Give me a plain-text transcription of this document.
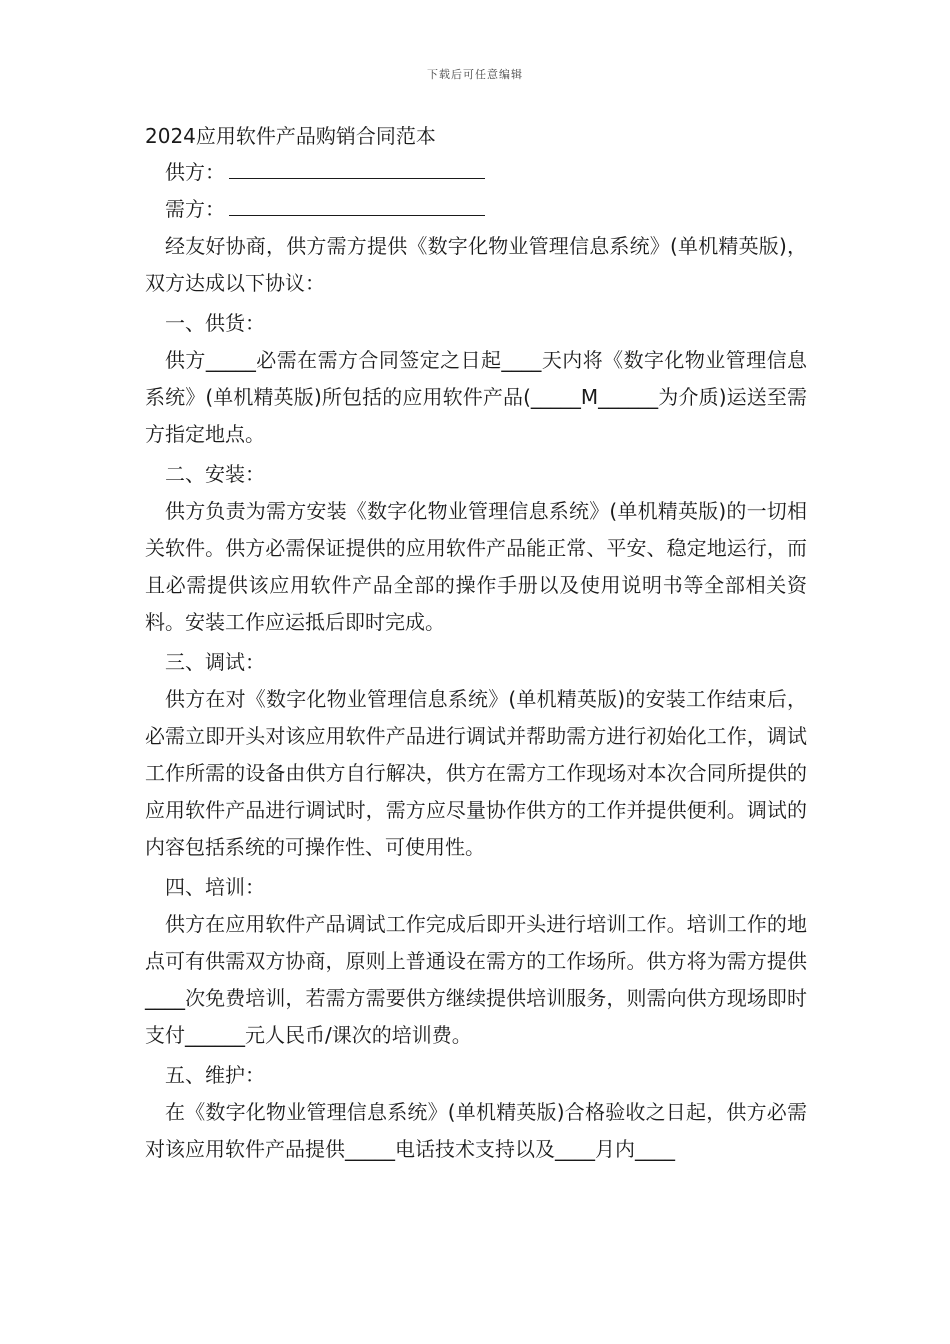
下载后可任意编辑

2024应用软件产品购销合同范本

供方：

需方：

经友好协商，供方需方提供《数字化物业管理信息系统》(单机精英版)，双方达成以下协议：

一、供货：

供方_____必需在需方合同签定之日起____天内将《数字化物业管理信息系统》(单机精英版)所包括的应用软件产品(_____M______为介质)运送至需方指定地点。

二、安装：

供方负责为需方安装《数字化物业管理信息系统》(单机精英版)的一切相关软件。供方必需保证提供的应用软件产品能正常、平安、稳定地运行，而且必需提供该应用软件产品全部的操作手册以及使用说明书等全部相关资料。安装工作应运抵后即时完成。

三、调试：

供方在对《数字化物业管理信息系统》(单机精英版)的安装工作结束后，必需立即开头对该应用软件产品进行调试并帮助需方进行初始化工作，调试工作所需的设备由供方自行解决，供方在需方工作现场对本次合同所提供的应用软件产品进行调试时，需方应尽量协作供方的工作并提供便利。调试的内容包括系统的可操作性、可使用性。

四、培训：

供方在应用软件产品调试工作完成后即开头进行培训工作。培训工作的地点可有供需双方协商，原则上普通设在需方的工作场所。供方将为需方提供____次免费培训，若需方需要供方继续提供培训服务，则需向供方现场即时支付______元人民币/课次的培训费。

五、维护：

在《数字化物业管理信息系统》(单机精英版)合格验收之日起，供方必需对该应用软件产品提供_____电话技术支持以及____月内____
